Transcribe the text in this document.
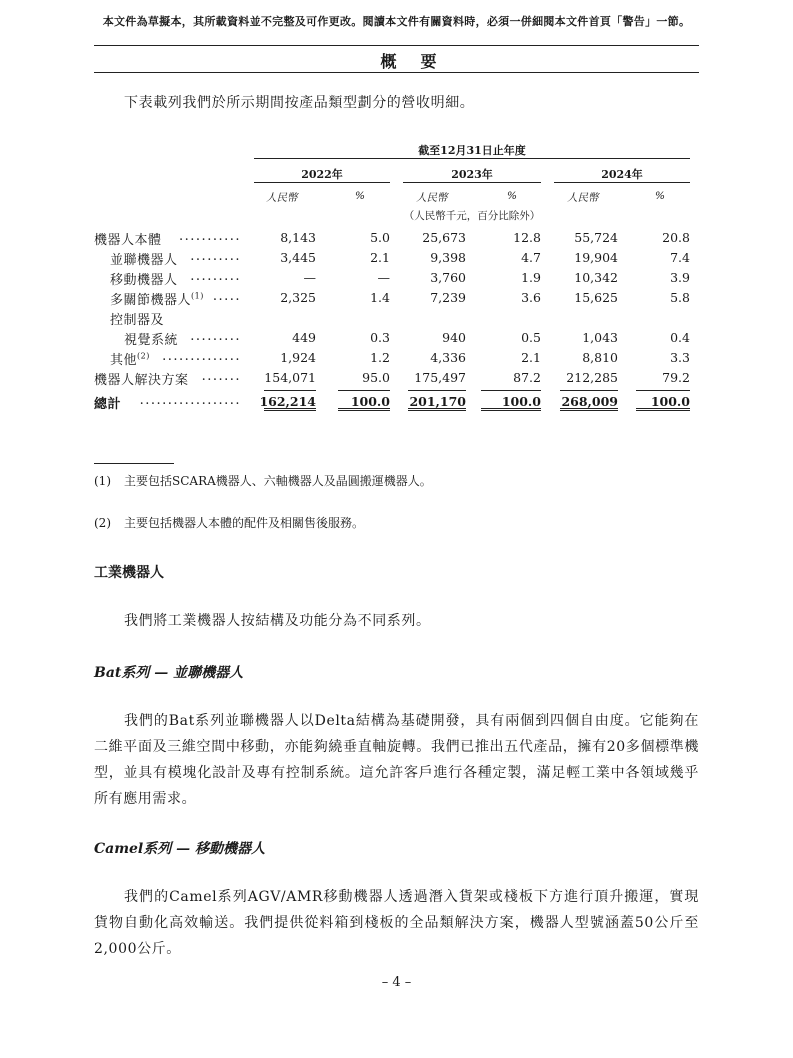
本文件為草擬本，其所載資料並不完整及可作更改。閱讀本文件有關資料時，必須一併細閱本文件首頁「警告」一節。
概要
下表載列我們於所示期間按產品類型劃分的營收明細。
截至12月31日止年度
2022年	2023年	2024年
人民幣	%	人民幣	%	人民幣	%
（人民幣千元，百分比除外）
機器人本體 ...........	8,143	5.0	25,673	12.8	55,724	20.8
並聯機器人 .........	3,445	2.1	9,398	4.7	19,904	7.4
移動機器人 .........	—	—	3,760	1.9	10,342	3.9
多關節機器人$^{(1)}$ .....	2,325	1.4	7,239	3.6	15,625	5.8
控制器及
視覺系統 .........	449	0.3	940	0.5	1,043	0.4
其他$^{(2)}$ ..............	1,924	1.2	4,336	2.1	8,810	3.3
機器人解決方案 ....... 154,071	95.0 175,497	87.2 212,285	79.2
總計 .................. 162,214	100.0 201,170	100.0 268,009	100.0
(1) 主要包括SCARA機器人、六軸機器人及晶圓搬運機器人。
(2) 主要包括機器人本體的配件及相關售後服務。
工業機器人
我們將工業機器人按結構及功能分為不同系列。
Bat系列 — 並聯機器人
我們的Bat系列並聯機器人以Delta結構為基礎開發，具有兩個到四個自由度。它能夠在二維平面及三維空間中移動，亦能夠繞垂直軸旋轉。我們已推出五代產品，擁有20多個標準機型，並具有模塊化設計及專有控制系統。這允許客戶進行各種定製，滿足輕工業中各領域幾乎所有應用需求。
Camel系列 — 移動機器人
我們的Camel系列AGV/AMR移動機器人透過潛入貨架或棧板下方進行頂升搬運，實現貨物自動化高效輸送。我們提供從料箱到棧板的全品類解決方案，機器人型號涵蓋50公斤至2,000公斤。
– 4 –
